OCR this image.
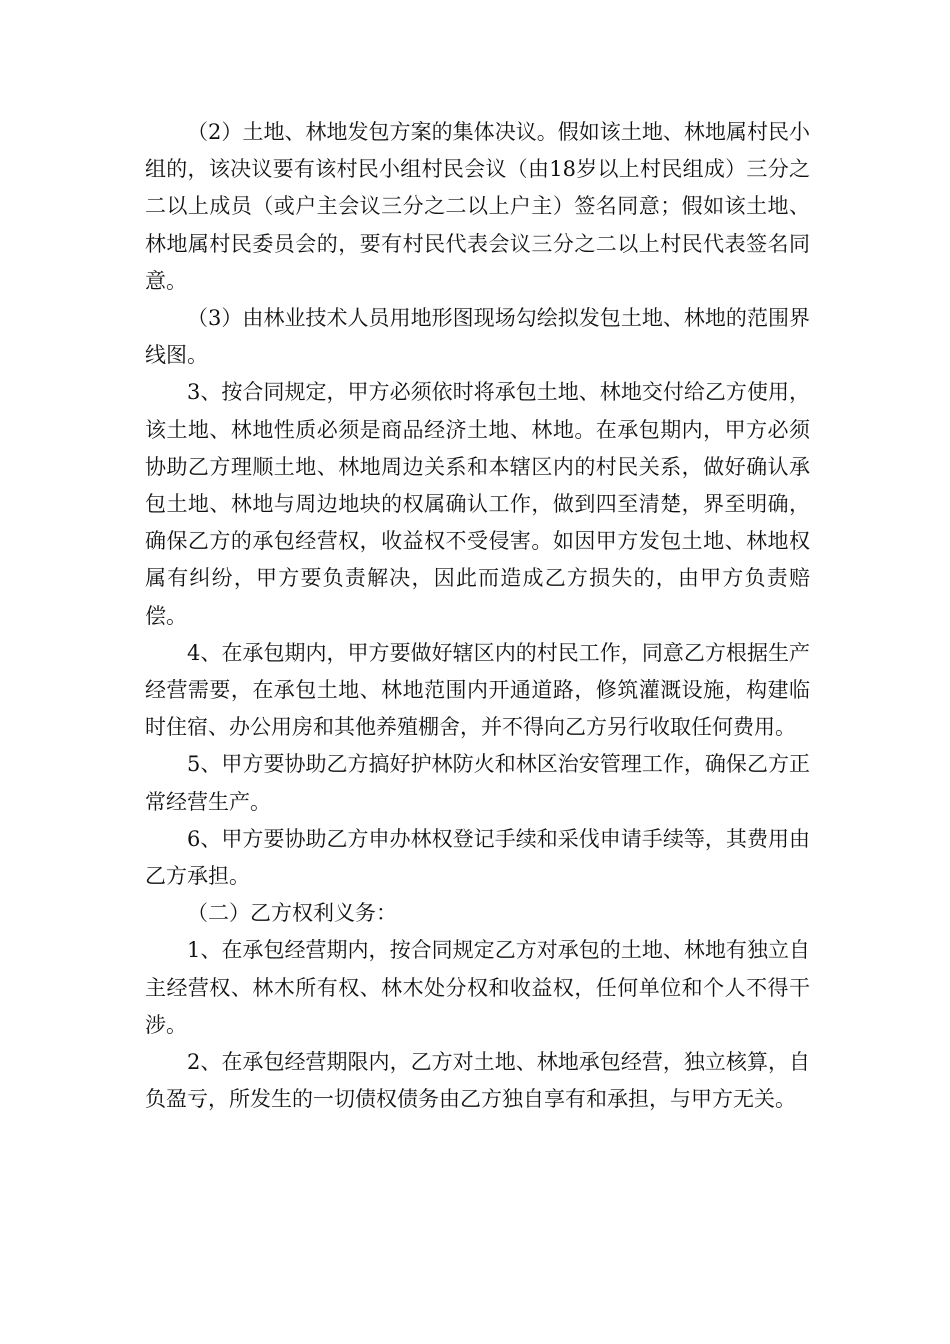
（2）土地、林地发包方案的集体决议。假如该土地、林地属村民小组的，该决议要有该村民小组村民会议（由18岁以上村民组成）三分之二以上成员（或户主会议三分之二以上户主）签名同意；假如该土地、林地属村民委员会的，要有村民代表会议三分之二以上村民代表签名同意。

（3）由林业技术人员用地形图现场勾绘拟发包土地、林地的范围界线图。

3、按合同规定，甲方必须依时将承包土地、林地交付给乙方使用，该土地、林地性质必须是商品经济土地、林地。在承包期内，甲方必须协助乙方理顺土地、林地周边关系和本辖区内的村民关系，做好确认承包土地、林地与周边地块的权属确认工作，做到四至清楚，界至明确，确保乙方的承包经营权，收益权不受侵害。如因甲方发包土地、林地权属有纠纷，甲方要负责解决，因此而造成乙方损失的，由甲方负责赔偿。

4、在承包期内，甲方要做好辖区内的村民工作，同意乙方根据生产经营需要，在承包土地、林地范围内开通道路，修筑灌溉设施，构建临时住宿、办公用房和其他养殖棚舍，并不得向乙方另行收取任何费用。

5、甲方要协助乙方搞好护林防火和林区治安管理工作，确保乙方正常经营生产。

6、甲方要协助乙方申办林权登记手续和采伐申请手续等，其费用由乙方承担。

（二）乙方权利义务：

1、在承包经营期内，按合同规定乙方对承包的土地、林地有独立自主经营权、林木所有权、林木处分权和收益权，任何单位和个人不得干涉。

2、在承包经营期限内，乙方对土地、林地承包经营，独立核算，自负盈亏，所发生的一切债权债务由乙方独自享有和承担，与甲方无关。
